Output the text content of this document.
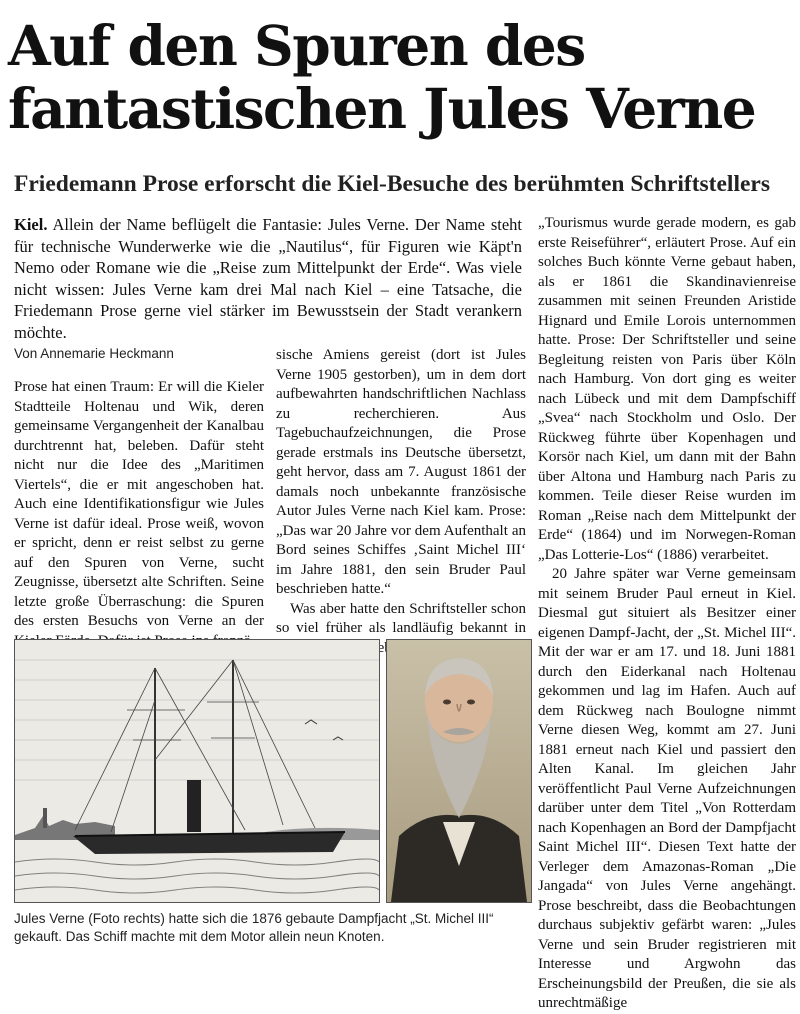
Auf den Spuren des fantastischen Jules Verne
Friedemann Prose erforscht die Kiel-Besuche des berühmten Schriftstellers
Kiel. Allein der Name beflügelt die Fantasie: Jules Verne. Der Name steht für technische Wunderwerke wie die „Nautilus“, für Figuren wie Käpt'n Nemo oder Romane wie die „Reise zum Mittelpunkt der Erde“. Was viele nicht wissen: Jules Verne kam drei Mal nach Kiel – eine Tatsache, die Friedemann Prose gerne viel stärker im Bewusstsein der Stadt verankern möchte.
Von Annemarie Heckmann

Prose hat einen Traum: Er will die Kieler Stadtteile Holtenau und Wik, deren gemeinsame Vergangenheit der Kanalbau durchtrennt hat, beleben. Dafür steht nicht nur die Idee des „Maritimen Viertels“, die er mit angeschoben hat. Auch eine Identifikationsfigur wie Jules Verne ist dafür ideal. Prose weiß, wovon er spricht, denn er reist selbst zu gerne auf den Spuren von Verne, sucht Zeugnisse, übersetzt alte Schriften. Seine letzte große Überraschung: die Spuren des ersten Besuchs von Verne an der

sische Amiens gereist (dort ist Jules Verne 1905 gestorben), um in dem dort aufbewahrten handschriftlichen Nachlass zu recherchieren. Aus Tagebuchaufzeichnungen, die Prose gerade erstmals ins Deutsche übersetzt, geht hervor, dass am 7. August 1861 der damals noch unbekannte französische Autor Jules Verne nach Kiel kam. Prose: „Das war 20 Jahre vor dem Aufenthalt an Bord seines Schiffes ‚Saint Michel III‘ im Jahre 1881, den sein Bruder Paul beschrieben hatte.“

Was aber hatte den Schriftsteller schon so viel früher als landläufig bekannt in getrieben?

„Tourismus wurde gerade modern, es gab erste Reiseführer“, erläutert Prose. Auf ein solches Buch könnte Verne gebaut haben, als er 1861 die Skandinavienreise zusammen mit seinen Freunden Aristide Hignard und Emile Lorois unternommen hatte. Prose: Der Schriftsteller und seine Begleitung reisten von Paris über Köln nach Hamburg. Von dort ging es weiter nach Lübeck und mit dem Dampfschiff „Svea“ nach Stockholm und Oslo. Der Rückweg führte über Kopenhagen und Korsör nach Kiel, um dann mit der Bahn über Altona und Hamburg nach Paris zu kommen. Teile dieser Reise wurden im Roman „Reise nach dem Mittelpunkt der Erde“ (1864) und im Norwegen-Roman „Das Lotterie-Los“ (1886) verarbeitet.

20 Jahre später war Verne gemeinsam mit seinem Bruder Paul erneut in Kiel. Diesmal gut situiert als Besitzer einer eigenen Dampf-Jacht, der „St. Michel III“. Mit der war er am 17. und 18. Juni 1881 durch den Eiderkanal nach Holtenau gekommen und lag im Hafen. Auch auf dem Rückweg nach Boulogne nimmt Verne diesen Weg, kommt am 27. Juni 1881 erneut nach Kiel und passiert den Alten Kanal. Im gleichen Jahr veröffentlicht Paul Verne Aufzeichnungen darüber unter dem Titel „Von Rotterdam nach Kopenhagen an Bord der Dampfjacht Saint Michel III“. Diesen Text hatte der Verleger dem Amazonas-Roman „Die Jangada“ von Jules Verne angehängt. Prose beschreibt, dass die Beobachtungen durchaus subjektiv gefärbt waren: „Jules Verne und sein Bruder registrieren mit Interesse und Argwohn das Erscheinungsbild der Preußen, die sie als unrechtmäßige

Jules Verne (Foto rechts) hatte sich die 1876 gebaute Dampfjacht „St. Michel III“ gekauft. Das Schiff machte mit dem Motor allein neun Knoten.
